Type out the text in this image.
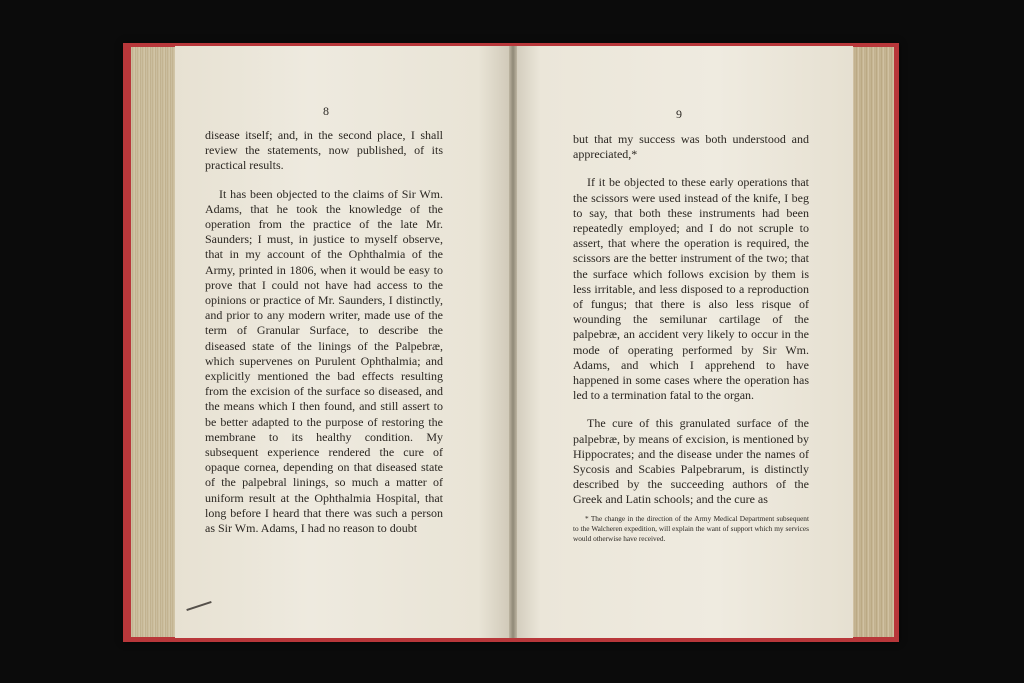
8	9

disease itself; and, in the second place, I shall review the statements, now published, of its practical results.

It has been objected to the claims of Sir Wm. Adams, that he took the knowledge of the operation from the practice of the late Mr. Saunders; I must, in justice to myself observe, that in my account of the Ophthalmia of the Army, printed in 1806, when it would be easy to prove that I could not have had access to the opinions or practice of Mr. Saunders, I distinctly, and prior to any modern writer, made use of the term of Granular Surface, to describe the diseased state of the linings of the Palpebræ, which supervenes on Purulent Ophthalmia; and explicitly mentioned the bad effects resulting from the excision of the surface so diseased, and the means which I then found, and still assert to be better adapted to the purpose of restoring the membrane to its healthy condition. My subsequent experience rendered the cure of opaque cornea, depending on that diseased state of the palpebral linings, so much a matter of uniform result at the Ophthalmia Hospital, that long before I heard that there was such a person as Sir Wm. Adams, I had no reason to doubt

but that my success was both understood and appreciated,*

If it be objected to these early operations that the scissors were used instead of the knife, I beg to say, that both these instruments had been repeatedly employed; and I do not scruple to assert, that where the operation is required, the scissors are the better instrument of the two; that the surface which follows excision by them is less irritable, and less disposed to a reproduction of fungus; that there is also less risque of wounding the semilunar cartilage of the palpebræ, an accident very likely to occur in the mode of operating performed by Sir Wm. Adams, and which I apprehend to have happened in some cases where the operation has led to a termination fatal to the organ.

The cure of this granulated surface of the palpebræ, by means of excision, is mentioned by Hippocrates; and the disease under the names of Sycosis and Scabies Palpebrarum, is distinctly described by the succeeding authors of the Greek and Latin schools; and the cure as

* The change in the direction of the Army Medical Department subsequent to the Walcheren expedition, will explain the want of support which my services would otherwise have received.
